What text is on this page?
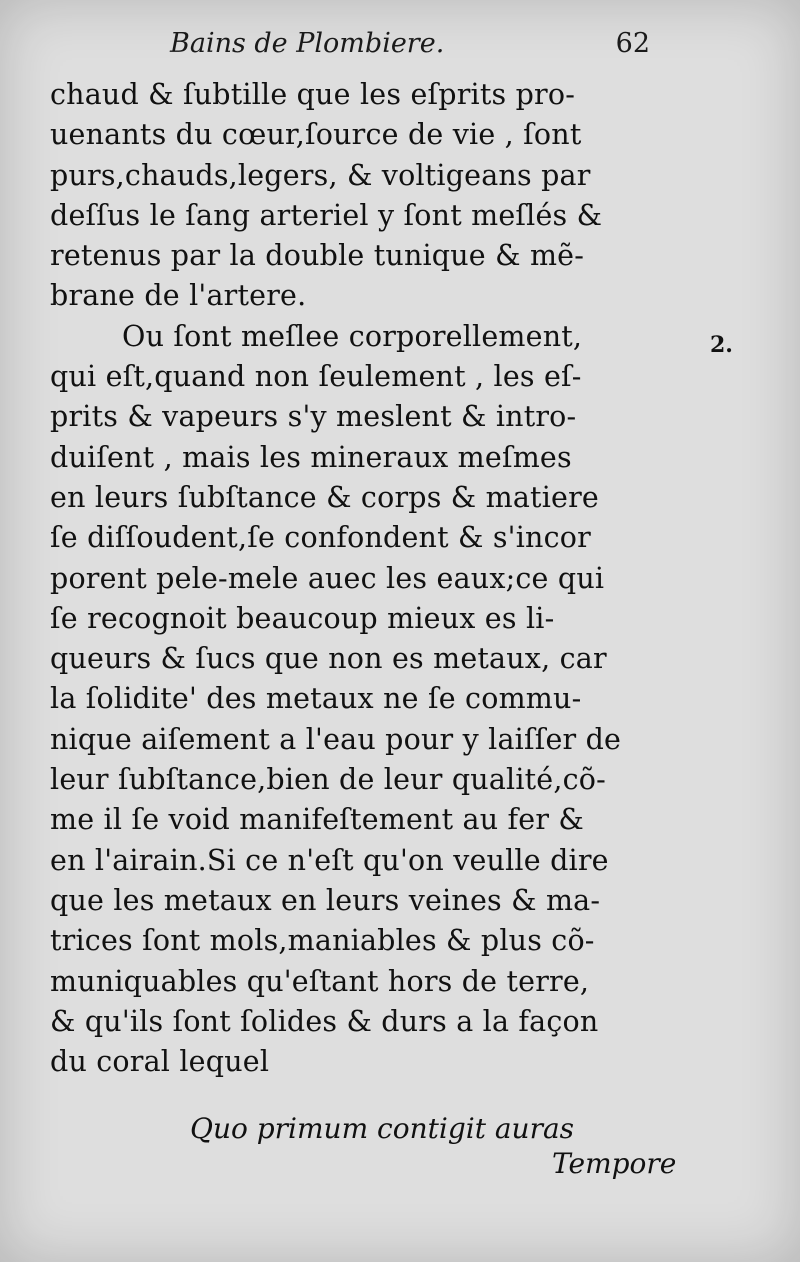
Bains de Plombiere.	62
2.
chaud & ſubtille que les eſprits pro-
uenants du cœur,ſource de vie , ſont
purs,chauds,legers, & voltigeans par
deſſus le ſang arteriel y ſont meſlés &
retenus par la double tunique & mẽ-
brane de l'artere.
Ou ſont meſlee corporellement,
qui eſt,quand non ſeulement , les eſ-
prits & vapeurs s'y meslent & intro-
duiſent , mais les mineraux meſmes
en leurs ſubſtance & corps & matiere
ſe diſſoudent,ſe confondent & s'incor
porent pele-mele auec les eaux;ce qui
ſe recognoit beaucoup mieux es li-
queurs & ſucs que non es metaux, car
la ſolidite' des metaux ne ſe commu-
nique aiſement a l'eau pour y laiſſer de
leur ſubſtance,bien de leur qualité,cõ-
me il ſe void manifeſtement au fer &
en l'airain.Si ce n'eſt qu'on veulle dire
que les metaux en leurs veines & ma-
trices ſont mols,maniables & plus cõ-
muniquables qu'eſtant hors de terre,
& qu'ils ſont ſolides & durs a la façon
du coral lequel
Quo primum contigit auras
Tempore
